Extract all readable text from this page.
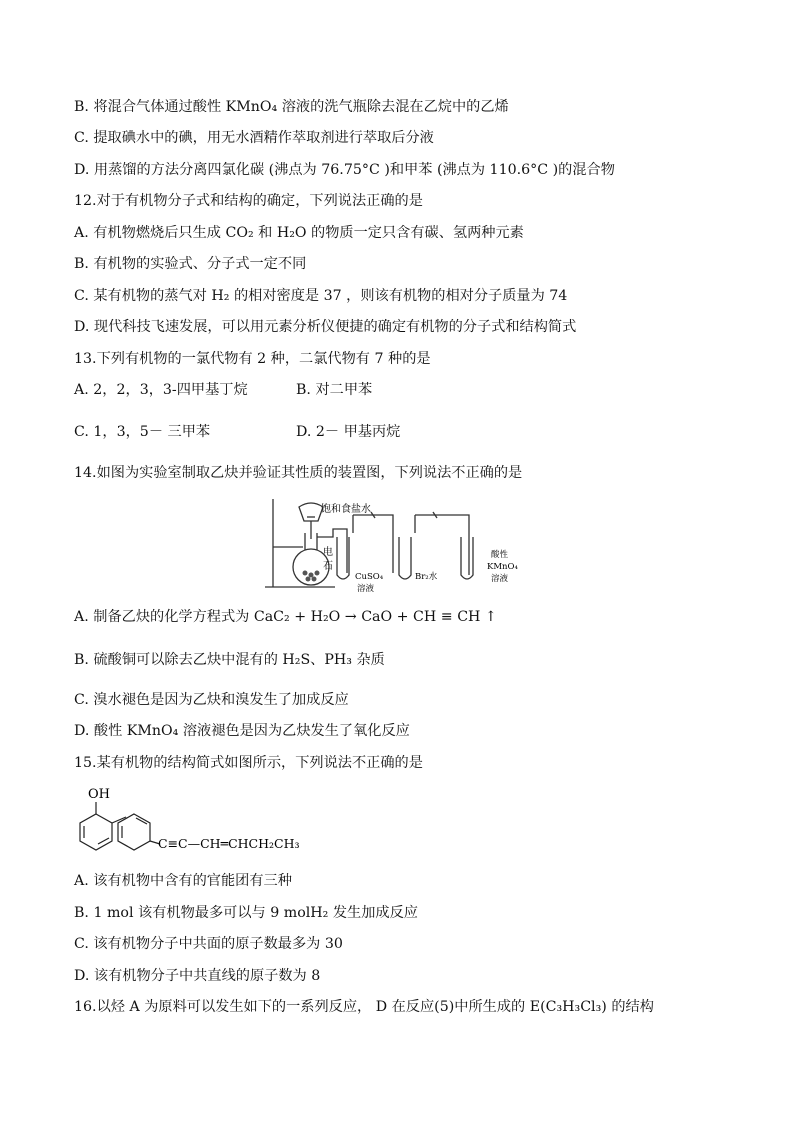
B. 将混合气体通过酸性 KMnO₄ 溶液的洗气瓶除去混在乙烷中的乙烯
C. 提取碘水中的碘，用无水酒精作萃取剂进行萃取后分液
D. 用蒸馏的方法分离四氯化碳 (沸点为 76.75°C )和甲苯 (沸点为 110.6°C )的混合物
12.对于有机物分子式和结构的确定，下列说法正确的是
A. 有机物燃烧后只生成 CO₂ 和 H₂O 的物质一定只含有碳、氢两种元素
B. 有机物的实验式、分子式一定不同
C. 某有机物的蒸气对 H₂ 的相对密度是 37 ，则该有机物的相对分子质量为 74
D. 现代科技飞速发展，可以用元素分析仪便捷的确定有机物的分子式和结构简式
13.下列有机物的一氯代物有 2 种，二氯代物有 7 种的是
A. 2，2，3，3-四甲基丁烷	B. 对二甲苯
C. 1，3，5－ 三甲苯	D. 2－ 甲基丙烷
14.如图为实验室制取乙炔并验证其性质的装置图，下列说法不正确的是
饱和食盐水
电
石
CuSO₄
溶液
Br₂水
酸性
KMnO₄
溶液
A. 制备乙炔的化学方程式为 CaC₂ + H₂O → CaO + CH ≡ CH ↑
B. 硫酸铜可以除去乙炔中混有的 H₂S、PH₃ 杂质
C. 溴水褪色是因为乙炔和溴发生了加成反应
D. 酸性 KMnO₄ 溶液褪色是因为乙炔发生了氧化反应
15.某有机物的结构简式如图所示，下列说法不正确的是
OH
C≡C—CH═CHCH₂CH₃
A. 该有机物中含有的官能团有三种
B. 1 mol 该有机物最多可以与 9 molH₂ 发生加成反应
C. 该有机物分子中共面的原子数最多为 30
D. 该有机物分子中共直线的原子数为 8
16.以烃 A 为原料可以发生如下的一系列反应， D 在反应(5)中所生成的 E(C₃H₃Cl₃) 的结构
